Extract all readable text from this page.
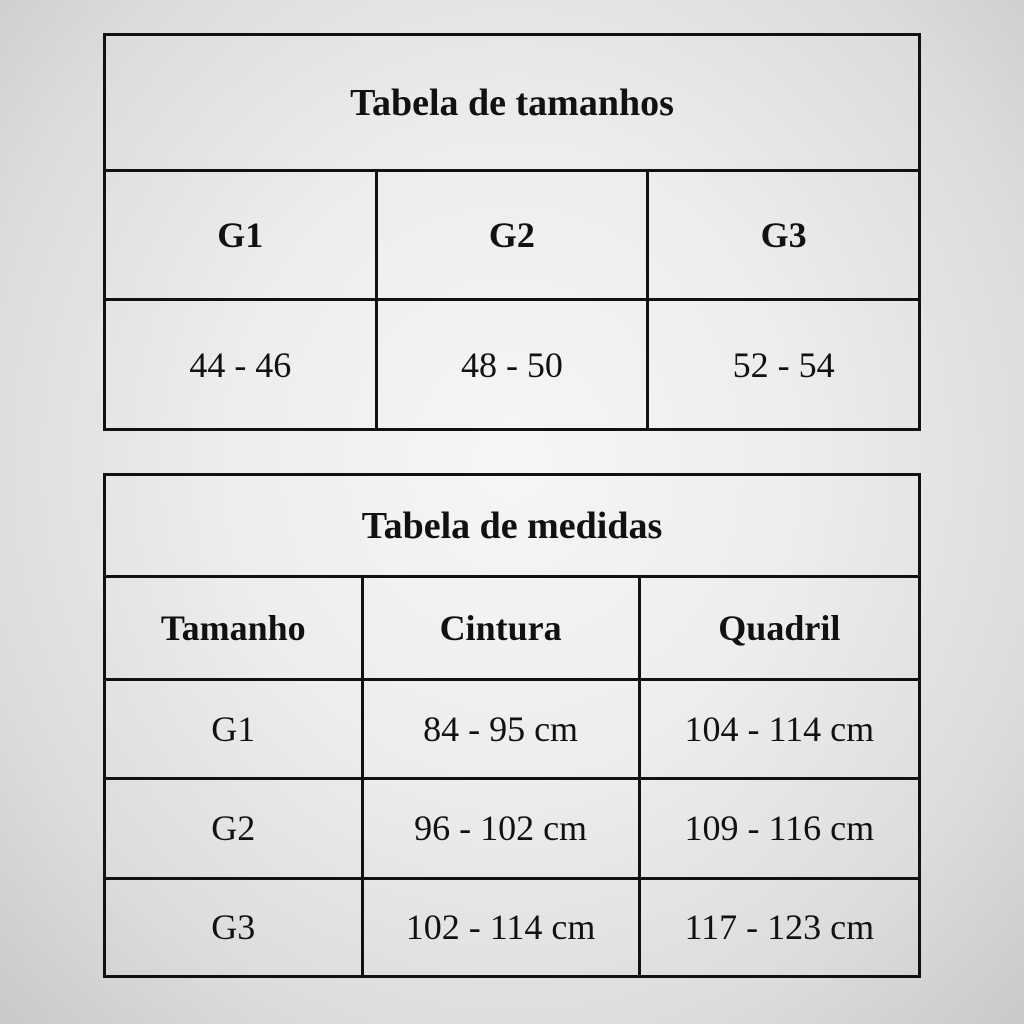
Tabela de tamanhos		
G1	G2	G3
44 - 46	48 - 50	52 - 54
Tabela de medidas		
Tamanho	Cintura	Quadril
G1	84 - 95 cm	104 - 114 cm
G2	96 - 102 cm	109 - 116 cm
G3	102 - 114 cm	117 - 123 cm
